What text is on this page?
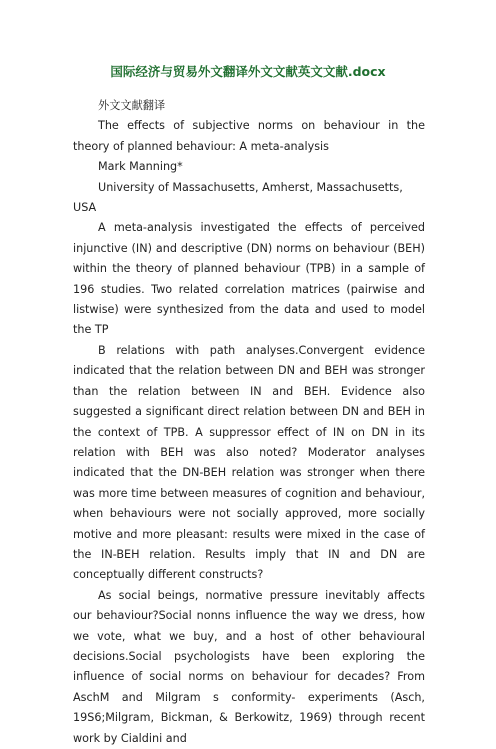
国际经济与贸易外文翻译外文文献英文文献.docx

外文文献翻译

The effects of subjective norms on behaviour in the theory of planned behaviour: A meta-analysis

Mark Manning*

University of Massachusetts, Amherst, Massachusetts, USA

A meta-analysis investigated the effects of perceived injunctive (IN) and descriptive (DN) norms on behaviour (BEH) within the theory of planned behaviour (TPB) in a sample of 196 studies. Two related correlation matrices (pairwise and listwise) were synthesized from the data and used to model the TP

B relations with path analyses.Convergent evidence indicated that the relation between DN and BEH was stronger than the relation between IN and BEH. Evidence also suggested a significant direct relation between DN and BEH in the context of TPB. A suppressor effect of IN on DN in its relation with BEH was also noted? Moderator analyses indicated that the DN-BEH relation was stronger when there was more time between measures of cognition and behaviour, when behaviours were not socially approved, more socially motive and more pleasant: results were mixed in the case of the IN-BEH relation. Results imply that IN and DN are conceptually different constructs?

As social beings, normative pressure inevitably affects our behaviour?Social nonns influence the way we dress, how we vote, what we buy, and a host of other behavioural decisions.Social psychologists have been exploring the influence of social norms on behaviour for decades? From AschM and Milgram s conformity- experiments (Asch, 19S6;Milgram, Bickman, & Berkowitz, 1969) through recent work by Cialdini and
